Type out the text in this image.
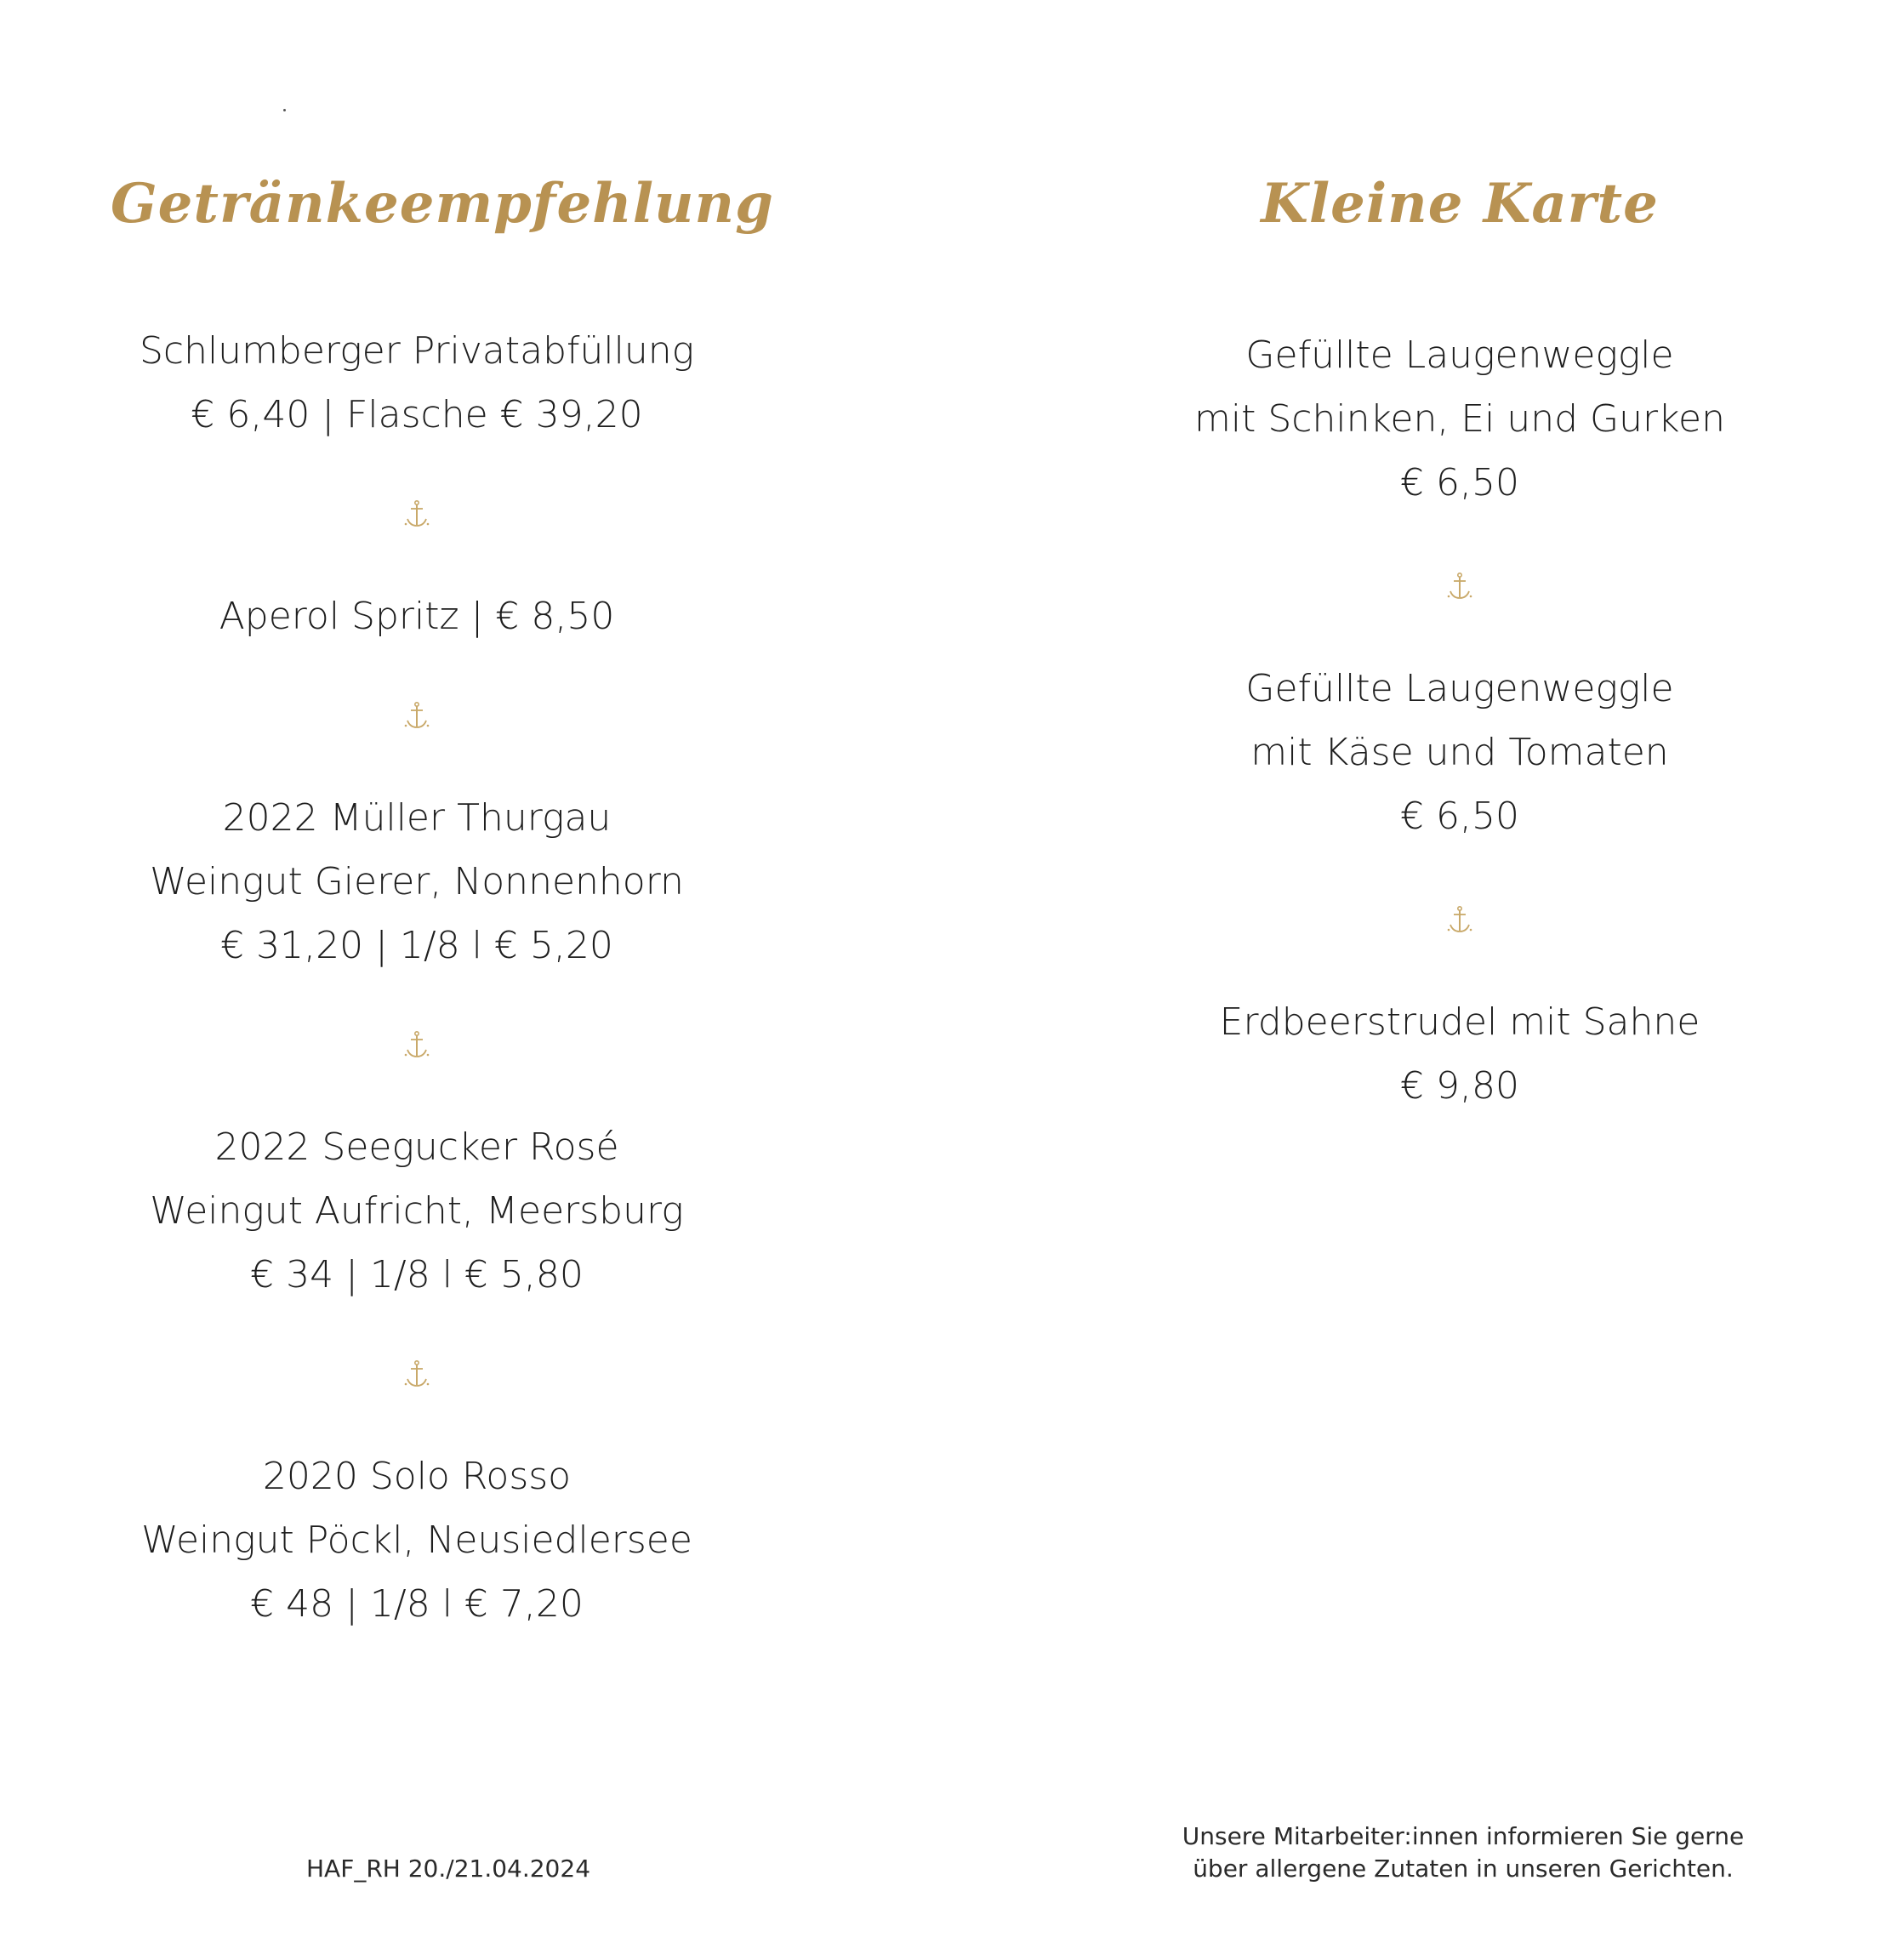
Getränkeempfehlung
Schlumberger Privatabfüllung
€ 6,40 | Flasche € 39,20
Aperol Spritz | € 8,50
2022 Müller Thurgau
Weingut Gierer, Nonnenhorn
€ 31,20 | 1/8 l € 5,20
2022 Seegucker Rosé
Weingut Aufricht, Meersburg
€ 34 | 1/8 l € 5,80
2020 Solo Rosso
Weingut Pöckl, Neusiedlersee
€ 48 | 1/8 l € 7,20
Kleine Karte
Gefüllte Laugenweggle
mit Schinken, Ei und Gurken
€ 6,50
Gefüllte Laugenweggle
mit Käse und Tomaten
€ 6,50
Erdbeerstrudel mit Sahne
€ 9,80
HAF_RH 20./21.04.2024
Unsere Mitarbeiter:innen informieren Sie gerne
über allergene Zutaten in unseren Gerichten.
